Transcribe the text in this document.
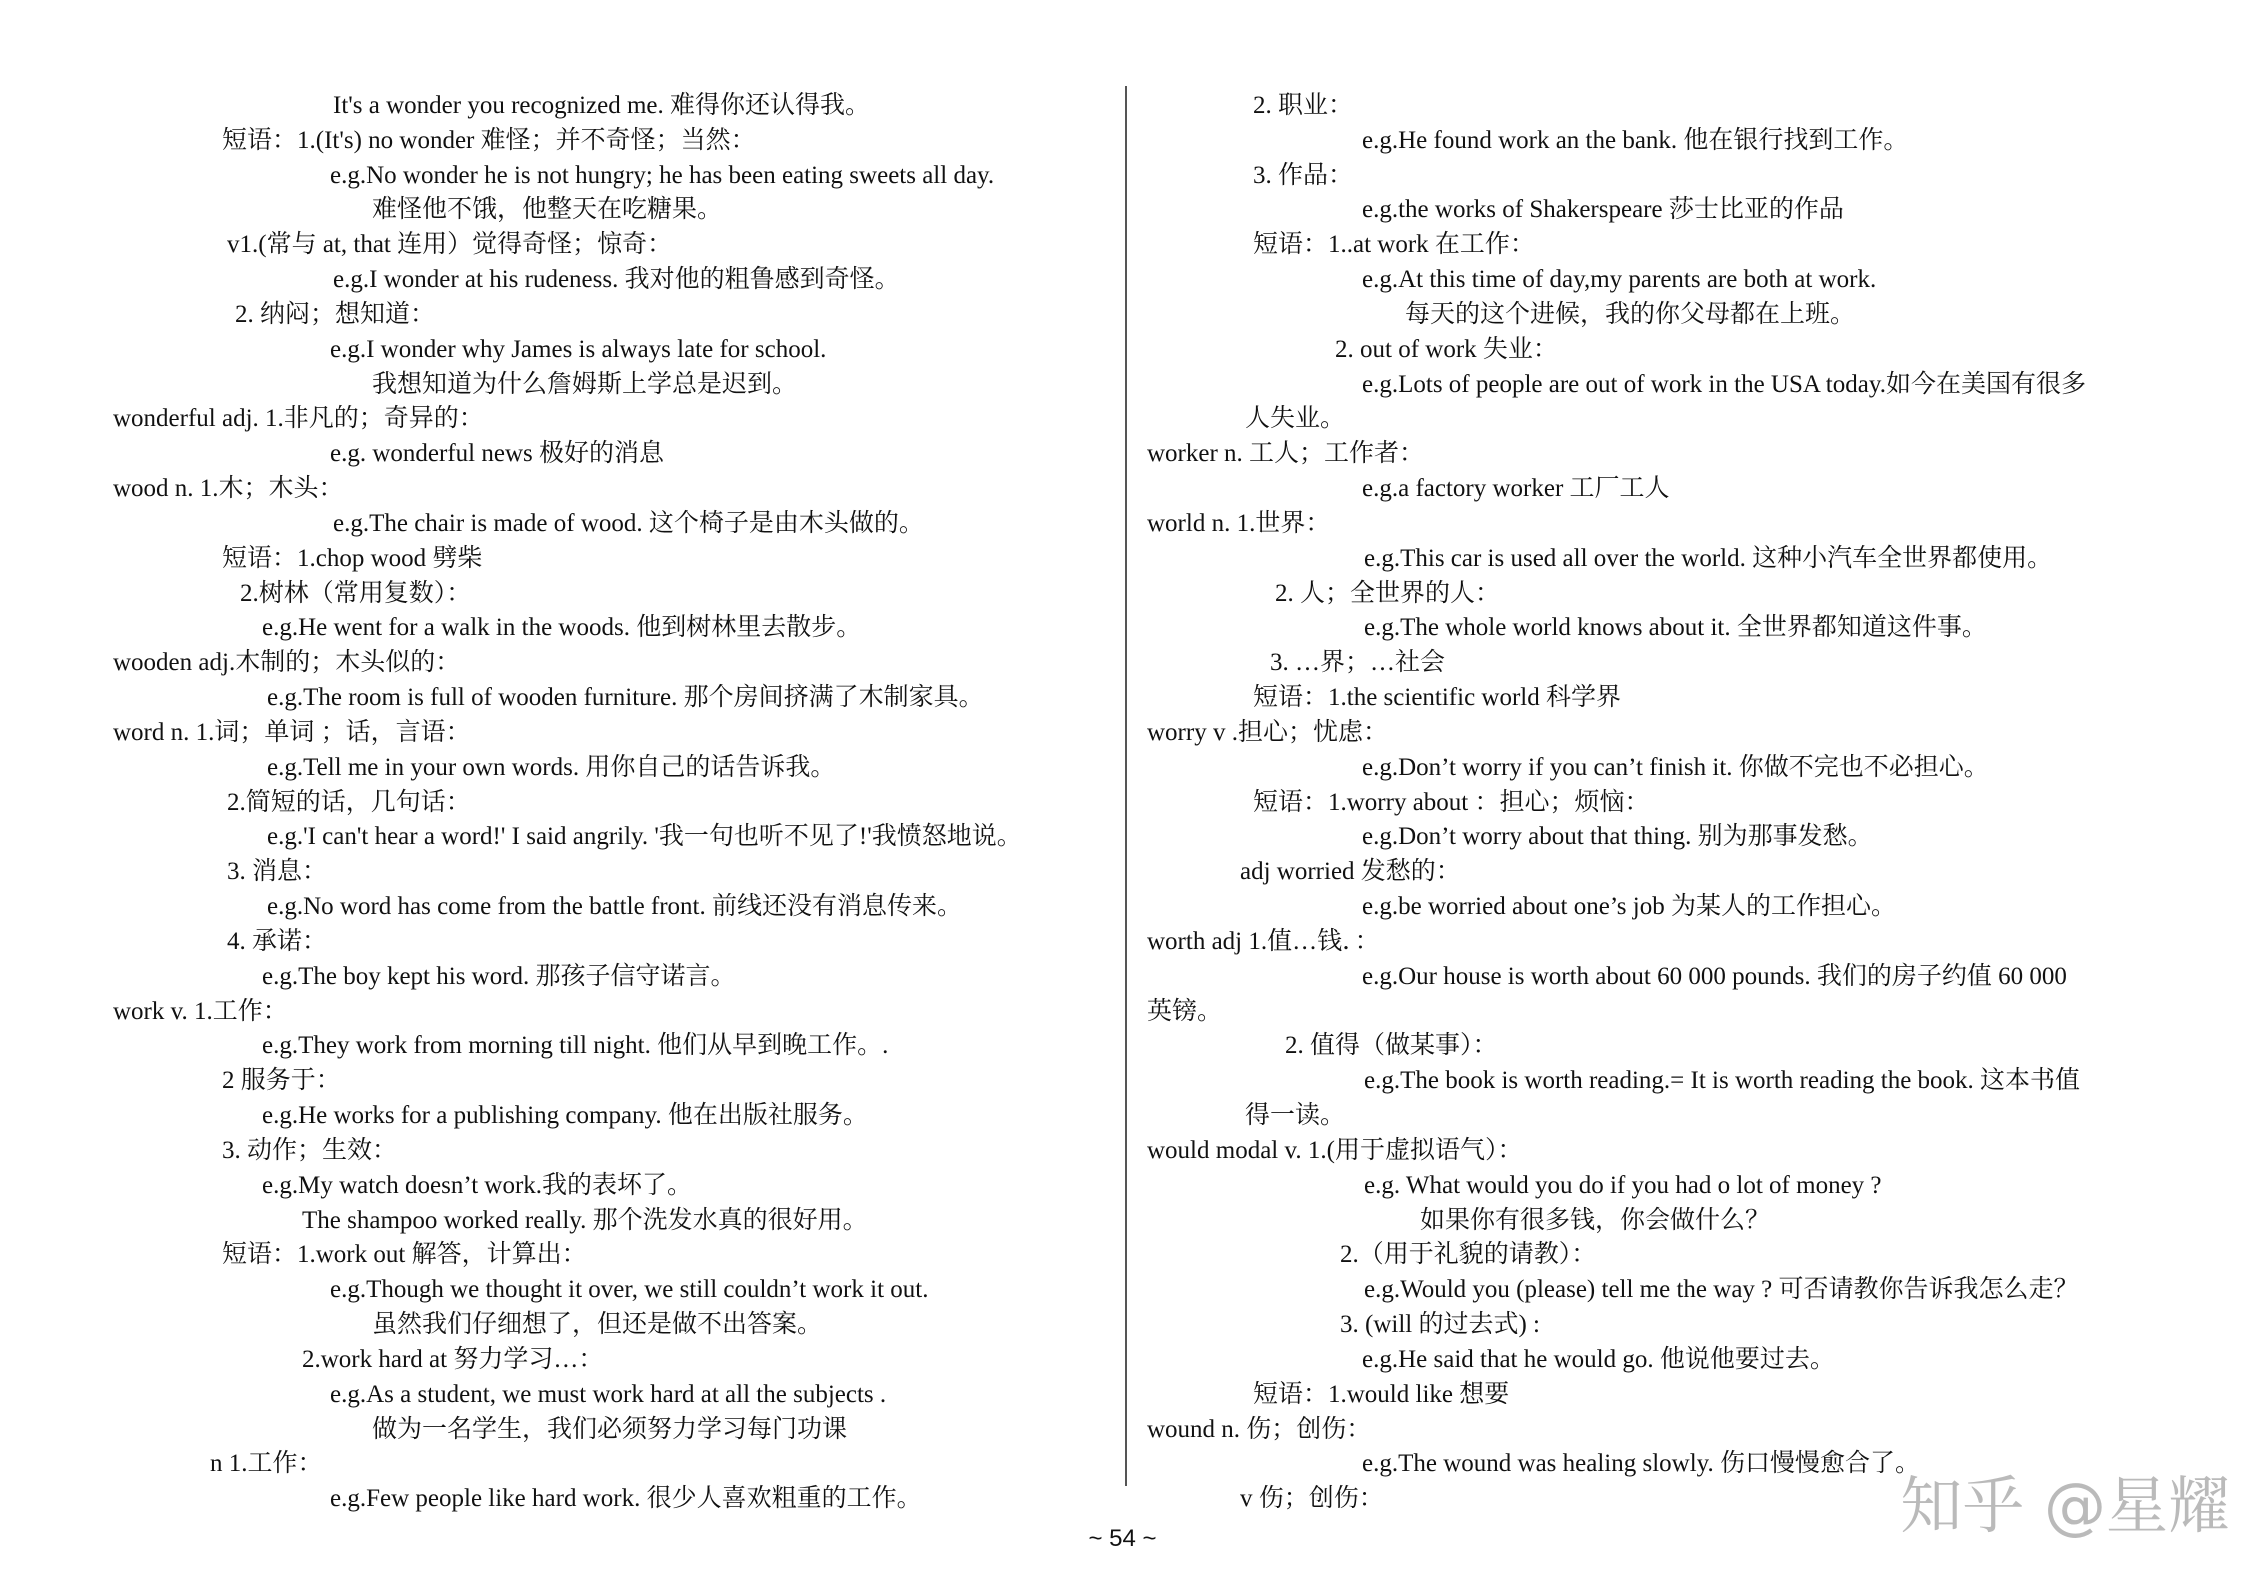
It's a wonder you recognized me. 难得你还认得我。
短语：1.(It's) no wonder 难怪；并不奇怪；当然：
e.g.No wonder he is not hungry; he has been eating sweets all day.
难怪他不饿，他整天在吃糖果。
v1.(常与 at, that 连用）觉得奇怪；惊奇：
e.g.I wonder at his rudeness. 我对他的粗鲁感到奇怪。
2. 纳闷；想知道：
e.g.I wonder why James is always late for school.
我想知道为什么詹姆斯上学总是迟到。
wonderful adj. 1.非凡的；奇异的：
e.g. wonderful news 极好的消息
wood n. 1.木；木头：
e.g.The chair is made of wood. 这个椅子是由木头做的。
短语：1.chop wood 劈柴
2.树林（常用复数）：
e.g.He went for a walk in the woods. 他到树林里去散步。
wooden adj.木制的；木头似的：
e.g.The room is full of wooden furniture. 那个房间挤满了木制家具。
word n. 1.词；单词 ；话，言语：
e.g.Tell me in your own words. 用你自己的话告诉我。
2.简短的话，几句话：
e.g.'I can't hear a word!' I said angrily. '我一句也听不见了!'我愤怒地说。
3. 消息：
e.g.No word has come from the battle front. 前线还没有消息传来。
4. 承诺：
e.g.The boy kept his word. 那孩子信守诺言。
work v. 1.工作：
e.g.They work from morning till night. 他们从早到晚工作。.
2 服务于：
e.g.He works for a publishing company. 他在出版社服务。
3. 动作；生效：
e.g.My watch doesn’t work.我的表坏了。
The shampoo worked really. 那个洗发水真的很好用。
短语：1.work out 解答，计算出：
e.g.Though we thought it over, we still couldn’t work it out.
虽然我们仔细想了，但还是做不出答案。
2.work hard at 努力学习…：
e.g.As a student, we must work hard at all the subjects .
做为一名学生，我们必须努力学习每门功课
n 1.工作：
e.g.Few people like hard work. 很少人喜欢粗重的工作。
2. 职业：
e.g.He found work an the bank. 他在银行找到工作。
3. 作品：
e.g.the works of Shakerspeare 莎士比亚的作品
短语：1..at work 在工作：
e.g.At this time of day,my parents are both at work.
每天的这个进候，我的你父母都在上班。
2. out of work 失业：
e.g.Lots of people are out of work in the USA today.如今在美国有很多
人失业。
worker n. 工人；工作者：
e.g.a factory worker 工厂工人
world n. 1.世界：
e.g.This car is used all over the world. 这种小汽车全世界都使用。
2. 人；全世界的人：
e.g.The whole world knows about it. 全世界都知道这件事。
3. …界；…社会
短语：1.the scientific world 科学界
worry v .担心；忧虑：
e.g.Don’t worry if you can’t finish it. 你做不完也不必担心。
短语：1.worry about ：担心；烦恼：
e.g.Don’t worry about that thing. 别为那事发愁。
adj worried 发愁的：
e.g.be worried about one’s job 为某人的工作担心。
worth adj 1.值…钱．：
e.g.Our house is worth about 60 000 pounds. 我们的房子约值 60 000
英镑。
2. 值得（做某事）：
e.g.The book is worth reading.= It is worth reading the book. 这本书值
得一读。
would modal v. 1.(用于虚拟语气）：
e.g. What would you do if you had o lot of money ?
如果你有很多钱，你会做什么？
2.（用于礼貌的请教）：
e.g.Would you (please) tell me the way ? 可否请教你告诉我怎么走？
3. (will 的过去式) :
e.g.He said that he would go. 他说他要过去。
短语：1.would like 想要
wound n. 伤；创伤：
e.g.The wound was healing slowly. 伤口慢慢愈合了。
v 伤；创伤：
~ 54 ~	知乎 @星耀
